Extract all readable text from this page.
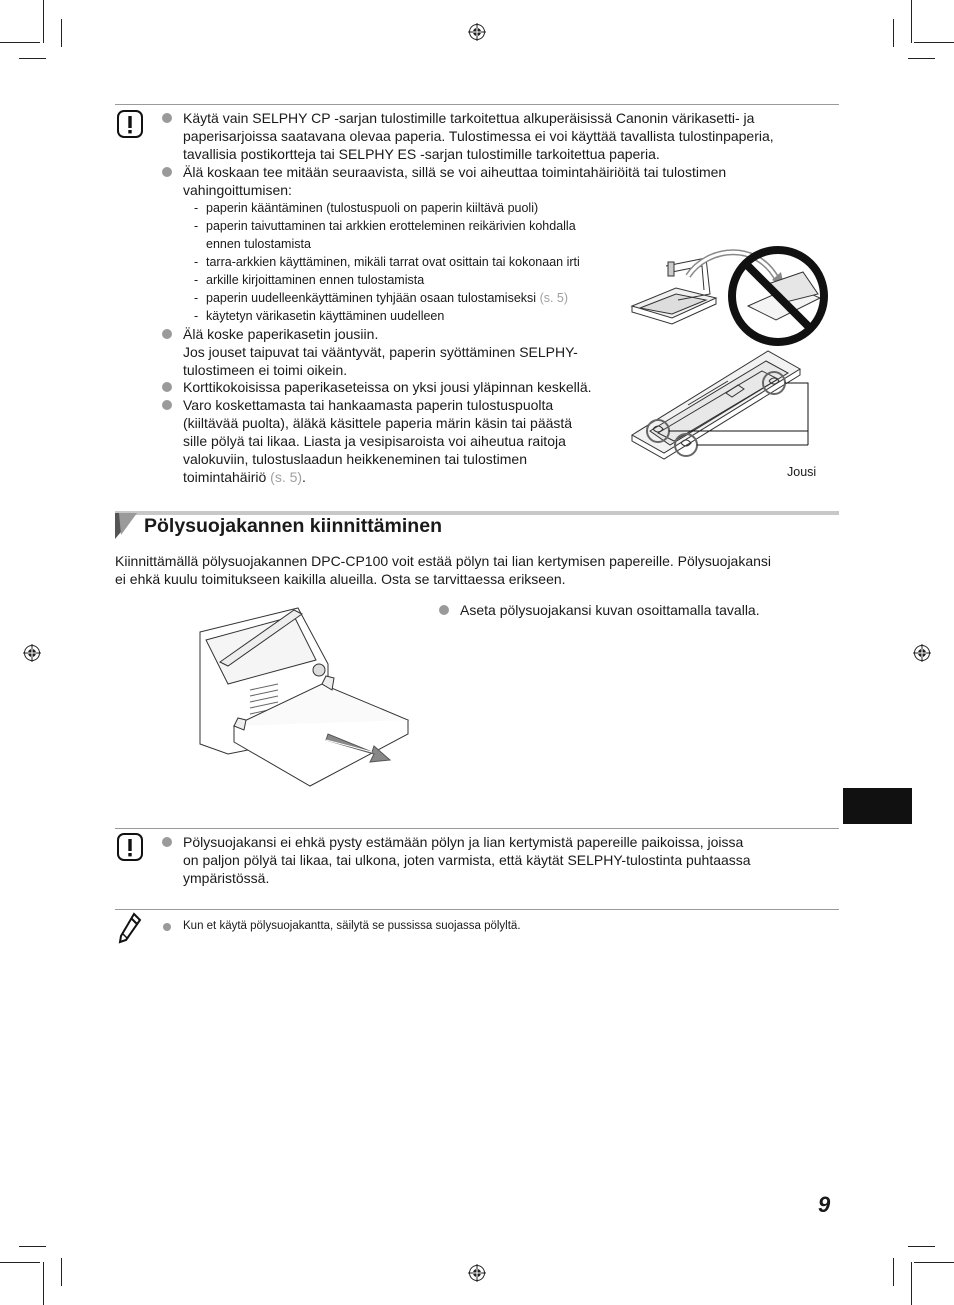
Käytä vain SELPHY CP -sarjan tulostimille tarkoitettua alkuperäisissä Canonin värikasetti- ja
paperisarjoissa saatavana olevaa paperia. Tulostimessa ei voi käyttää tavallista tulostinpaperia,
tavallisia postikortteja tai SELPHY ES -sarjan tulostimille tarkoitettua paperia.
Älä koskaan tee mitään seuraavista, sillä se voi aiheuttaa toimintahäiriöitä tai tulostimen
vahingoittumisen:
- paperin kääntäminen (tulostuspuoli on paperin kiiltävä puoli)
- paperin taivuttaminen tai arkkien erotteleminen reikärivien kohdalla
ennen tulostamista
- tarra-arkkien käyttäminen, mikäli tarrat ovat osittain tai kokonaan irti
- arkille kirjoittaminen ennen tulostamista
- paperin uudelleenkäyttäminen tyhjään osaan tulostamiseksi (s. 5)
- käytetyn värikasetin käyttäminen uudelleen
Älä koske paperikasetin jousiin.
Jos jouset taipuvat tai vääntyvät, paperin syöttäminen SELPHY-
tulostimeen ei toimi oikein.
Korttikokoisissa paperikaseteissa on yksi jousi yläpinnan keskellä.
Varo koskettamasta tai hankaamasta paperin tulostuspuolta
(kiiltävää puolta), äläkä käsittele paperia märin käsin tai päästä
sille pölyä tai likaa. Liasta ja vesipisaroista voi aiheutua raitoja
valokuviin, tulostuslaadun heikkeneminen tai tulostimen
toimintahäiriö (s. 5).	Jousi
Pölysuojakannen kiinnittäminen
Kiinnittämällä pölysuojakannen DPC-CP100 voit estää pölyn tai lian kertymisen papereille. Pölysuojakansi
ei ehkä kuulu toimitukseen kaikilla alueilla. Osta se tarvittaessa erikseen.
Aseta pölysuojakansi kuvan osoittamalla tavalla.
Pölysuojakansi ei ehkä pysty estämään pölyn ja lian kertymistä papereille paikoissa, joissa
on paljon pölyä tai likaa, tai ulkona, joten varmista, että käytät SELPHY-tulostinta puhtaassa
ympäristössä.
Kun et käytä pölysuojakantta, säilytä se pussissa suojassa pölyltä.
9
